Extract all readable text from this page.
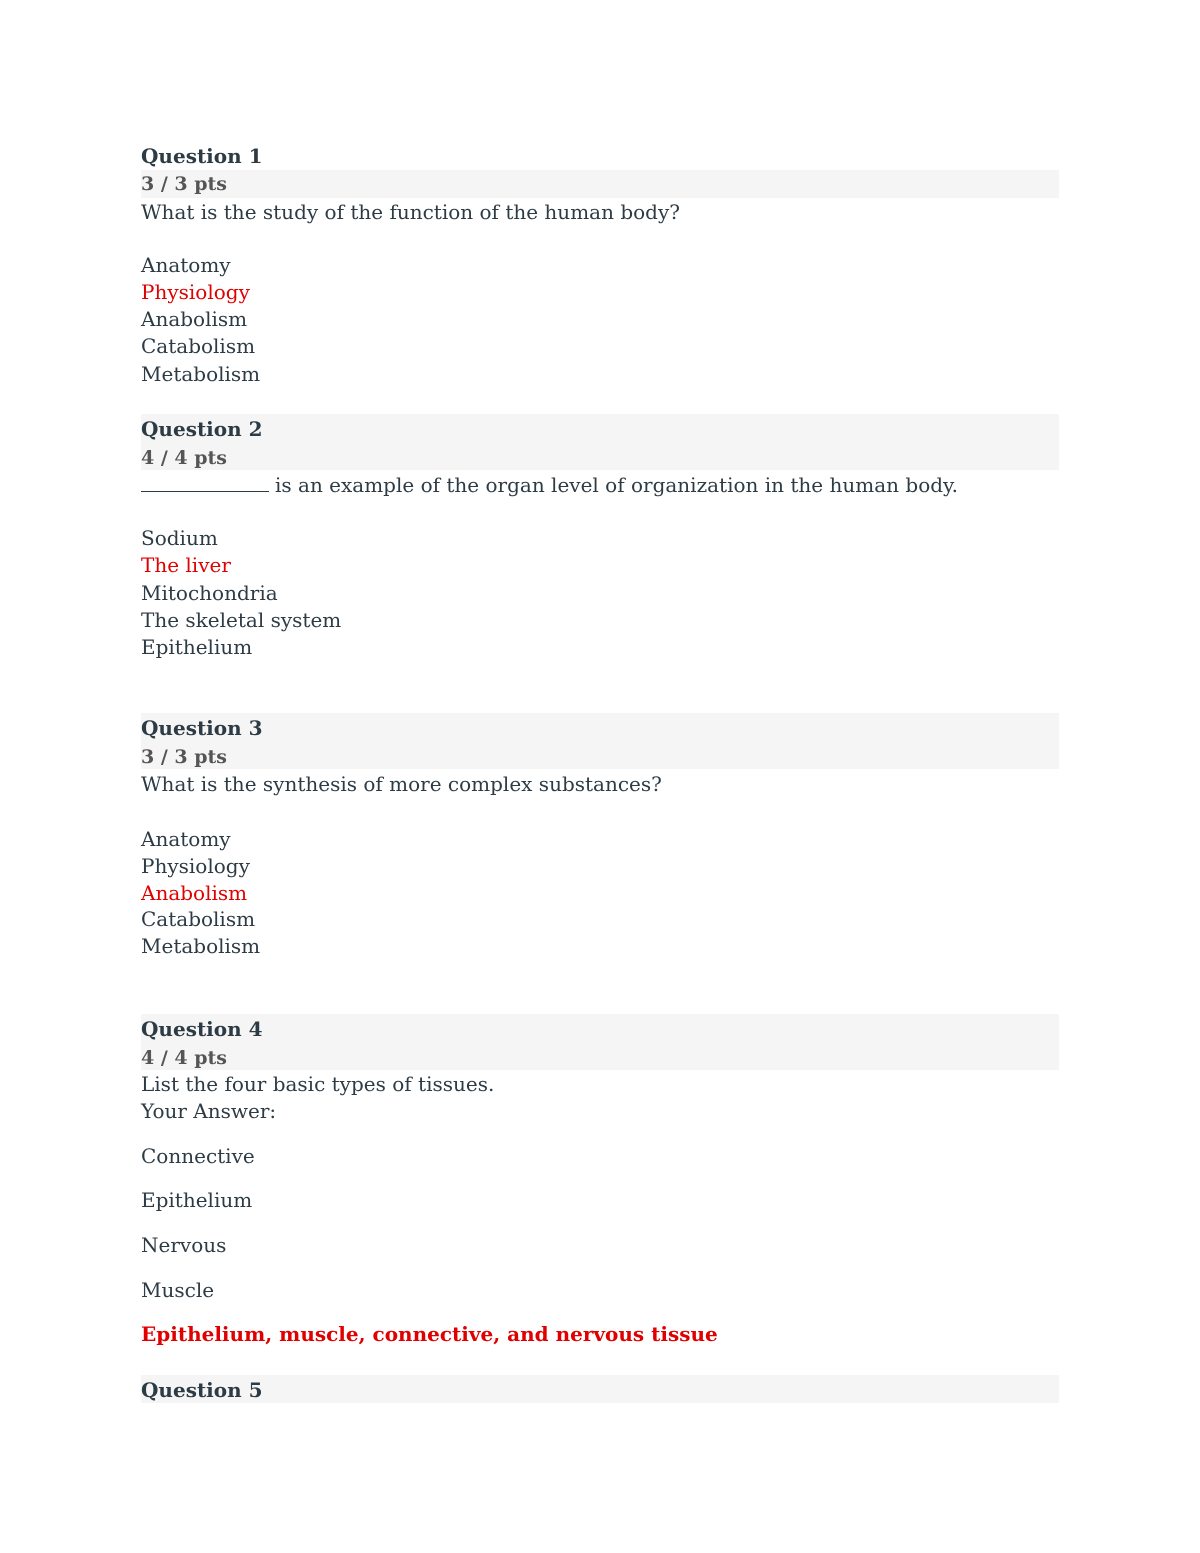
Question 1
3 / 3 pts
What is the study of the function of the human body?
Anatomy
Physiology
Anabolism
Catabolism
Metabolism
Question 2
4 / 4 pts
is an example of the organ level of organization in the human body.
Sodium
The liver
Mitochondria
The skeletal system
Epithelium
Question 3
3 / 3 pts
What is the synthesis of more complex substances?
Anatomy
Physiology
Anabolism
Catabolism
Metabolism
Question 4
4 / 4 pts
List the four basic types of tissues.
Your Answer:
Connective
Epithelium
Nervous
Muscle
Epithelium, muscle, connective, and nervous tissue
Question 5
